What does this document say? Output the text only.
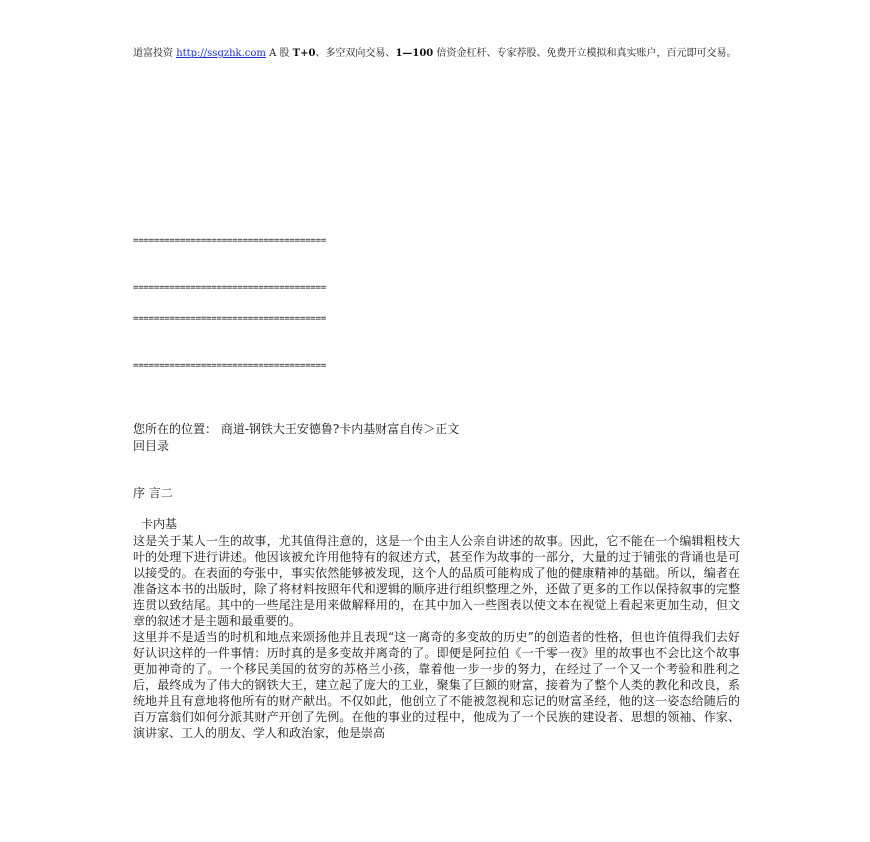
道富投资 http://ssgzhk.com A 股 T+0、多空双向交易、1—100 倍资金杠杆、专家荐股、免费开立模拟和真实账户，百元即可交易。
=====================================
=====================================
=====================================
=====================================
您所在的位置： 商道-钢铁大王安德鲁?卡内基财富自传＞正文
回目录
序 言二
卡内基

这是关于某人一生的故事，尤其值得注意的，这是一个由主人公亲自讲述的故事。因此，它不能在一个编辑粗枝大叶的处理下进行讲述。他因该被允许用他特有的叙述方式，甚至作为故事的一部分，大量的过于铺张的背诵也是可以接受的。在表面的夸张中，事实依然能够被发现，这个人的品质可能构成了他的健康精神的基础。所以，编者在准备这本书的出版时，除了将材料按照年代和逻辑的顺序进行组织整理之外，还做了更多的工作以保持叙事的完整连贯以致结尾。其中的一些尾注是用来做解释用的，在其中加入一些图表以使文本在视觉上看起来更加生动，但文章的叙述才是主题和最重要的。

这里并不是适当的时机和地点来颂扬他并且表现“这一离奇的多变故的历史”的创造者的性格，但也许值得我们去好好认识这样的一件事情：历时真的是多变故并离奇的了。即便是阿拉伯《一千零一夜》里的故事也不会比这个故事更加神奇的了。一个移民美国的贫穷的苏格兰小孩，靠着他一步一步的努力，在经过了一个又一个考验和胜利之后，最终成为了伟大的钢铁大王，建立起了庞大的工业，聚集了巨额的财富，接着为了整个人类的教化和改良，系统地并且有意地将他所有的财产献出。不仅如此，他创立了不能被忽视和忘记的财富圣经，他的这一姿态给随后的百万富翁们如何分派其财产开创了先例。在他的事业的过程中，他成为了一个民族的建设者、思想的领袖、作家、演讲家、工人的朋友、学人和政治家，他是崇高
